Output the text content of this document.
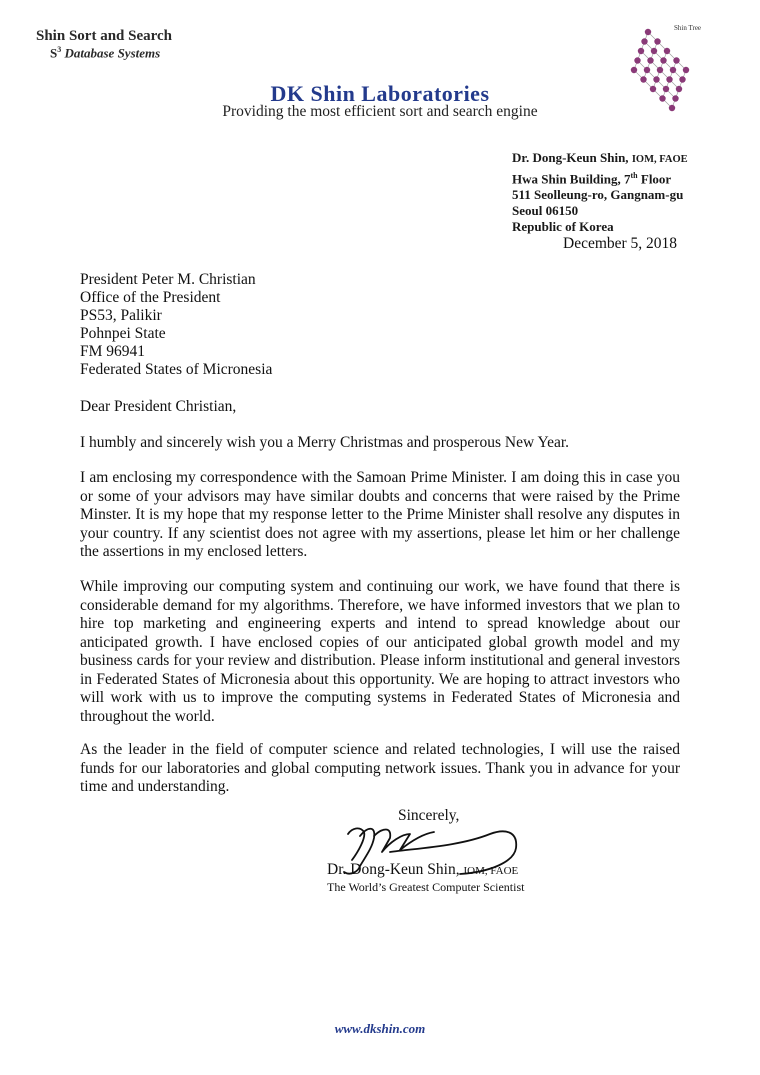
Shin Sort and Search
$S^3$ Database Systems
Shin Tree
DK Shin Laboratories
Providing the most efficient sort and search engine
Dr. Dong-Keun Shin, IOM, FAOE
Hwa Shin Building, 7th Floor
511 Seolleung-ro, Gangnam-gu
Seoul 06150
Republic of Korea
December 5, 2018
President Peter M. Christian
Office of the President
PS53, Palikir
Pohnpei State
FM 96941
Federated States of Micronesia
Dear President Christian,
I humbly and sincerely wish you a Merry Christmas and prosperous New Year.
I am enclosing my correspondence with the Samoan Prime Minister. I am doing this in case you or some of your advisors may have similar doubts and concerns that were raised by the Prime Minster. It is my hope that my response letter to the Prime Minister shall resolve any disputes in your country. If any scientist does not agree with my assertions, please let him or her challenge the assertions in my enclosed letters.
While improving our computing system and continuing our work, we have found that there is considerable demand for my algorithms. Therefore, we have informed investors that we plan to hire top marketing and engineering experts and intend to spread knowledge about our anticipated growth. I have enclosed copies of our anticipated global growth model and my business cards for your review and distribution. Please inform institutional and general investors in Federated States of Micronesia about this opportunity. We are hoping to attract investors who will work with us to improve the computing systems in Federated States of Micronesia and throughout the world.
As the leader in the field of computer science and related technologies, I will use the raised funds for our laboratories and global computing network issues. Thank you in advance for your time and understanding.
Sincerely,
Dr. Dong-Keun Shin, IOM, FAOE
The World’s Greatest Computer Scientist
www.dkshin.com
